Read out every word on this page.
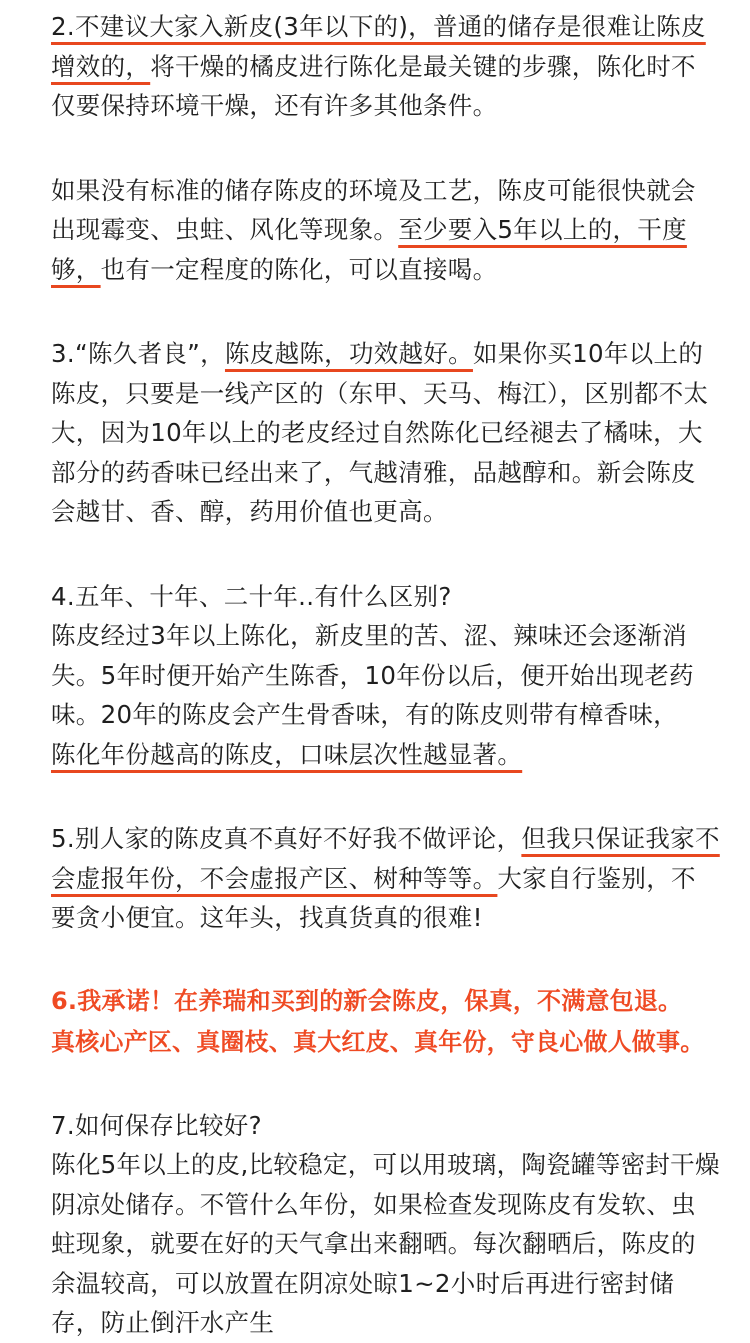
2.不建议大家入新皮(3年以下的)，普通的储存是很难让陈皮增效的，将干燥的橘皮进行陈化是最关键的步骤，陈化时不仅要保持环境干燥，还有许多其他条件。

如果没有标准的储存陈皮的环境及工艺，陈皮可能很快就会出现霉变、虫蛀、风化等现象。至少要入5年以上的，干度够，也有一定程度的陈化，可以直接喝。

3.“陈久者良”，陈皮越陈，功效越好。如果你买10年以上的陈皮，只要是一线产区的（东甲、天马、梅江），区别都不太大，因为10年以上的老皮经过自然陈化已经褪去了橘味，大部分的药香味已经出来了，气越清雅，品越醇和。新会陈皮会越甘、香、醇，药用价值也更高。

4.五年、十年、二十年..有什么区别?
陈皮经过3年以上陈化，新皮里的苦、涩、辣味还会逐渐消失。5年时便开始产生陈香，10年份以后，便开始出现老药味。20年的陈皮会产生骨香味，有的陈皮则带有樟香味，
陈化年份越高的陈皮，口味层次性越显著。

5.别人家的陈皮真不真好不好我不做评论，但我只保证我家不会虚报年份，不会虚报产区、树种等等。大家自行鉴别，不要贪小便宜。这年头，找真货真的很难!

6.我承诺！在养瑞和买到的新会陈皮，保真，不满意包退。
真核心产区、真圈枝、真大红皮、真年份，守良心做人做事。

7.如何保存比较好?
陈化5年以上的皮,比较稳定，可以用玻璃，陶瓷罐等密封干燥阴凉处储存。不管什么年份，如果检查发现陈皮有发软、虫蛀现象，就要在好的天气拿出来翻晒。每次翻晒后，陈皮的余温较高，可以放置在阴凉处晾1~2小时后再进行密封储存，防止倒汗水产生
